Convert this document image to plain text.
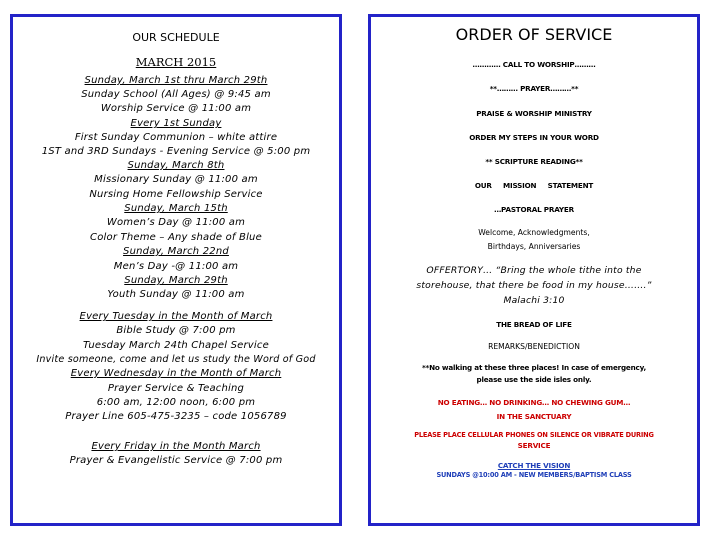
OUR SCHEDULE
MARCH 2015
Sunday, March 1st thru March 29th
Sunday School (All Ages) @ 9:45 am
Worship Service @ 11:00 am
Every 1st Sunday
First Sunday Communion – white attire
1ST and 3RD Sundays - Evening Service @ 5:00 pm
Sunday, March 8th
Missionary Sunday @ 11:00 am
Nursing Home Fellowship Service
Sunday, March 15th
Women’s Day @ 11:00 am
Color Theme – Any shade of Blue
Sunday, March 22nd
Men’s Day -@ 11:00 am
Sunday, March 29th
Youth Sunday @ 11:00 am
Every Tuesday in the Month of March
Bible Study @ 7:00 pm
Tuesday March 24th Chapel Service
Invite someone, come and let us study the Word of God
Every Wednesday in the Month of March
Prayer Service & Teaching
6:00 am, 12:00 noon, 6:00 pm
Prayer Line 605-475-3235 – code 1056789
Every Friday in the Month March
Prayer & Evangelistic Service @ 7:00 pm
ORDER OF SERVICE
………… CALL TO WORSHIP………
**……… PRAYER………**
PRAISE & WORSHIP MINISTRY
ORDER MY STEPS IN YOUR WORD
** SCRIPTURE READING**
OUR MISSION STATEMENT
…PASTORAL PRAYER
Welcome, Acknowledgments,
Birthdays, Anniversaries
OFFERTORY… “Bring the whole tithe into the
storehouse, that there be food in my house…….”
Malachi 3:10
THE BREAD OF LIFE
REMARKS/BENEDICTION
**No walking at these three places! In case of emergency,
please use the side isles only.
NO EATING… NO DRINKING… NO CHEWING GUM…
IN THE SANCTUARY
PLEASE PLACE CELLULAR PHONES ON SILENCE OR VIBRATE DURING
SERVICE
CATCH THE VISION
SUNDAYS @10:00 AM - NEW MEMBERS/BAPTISM CLASS
